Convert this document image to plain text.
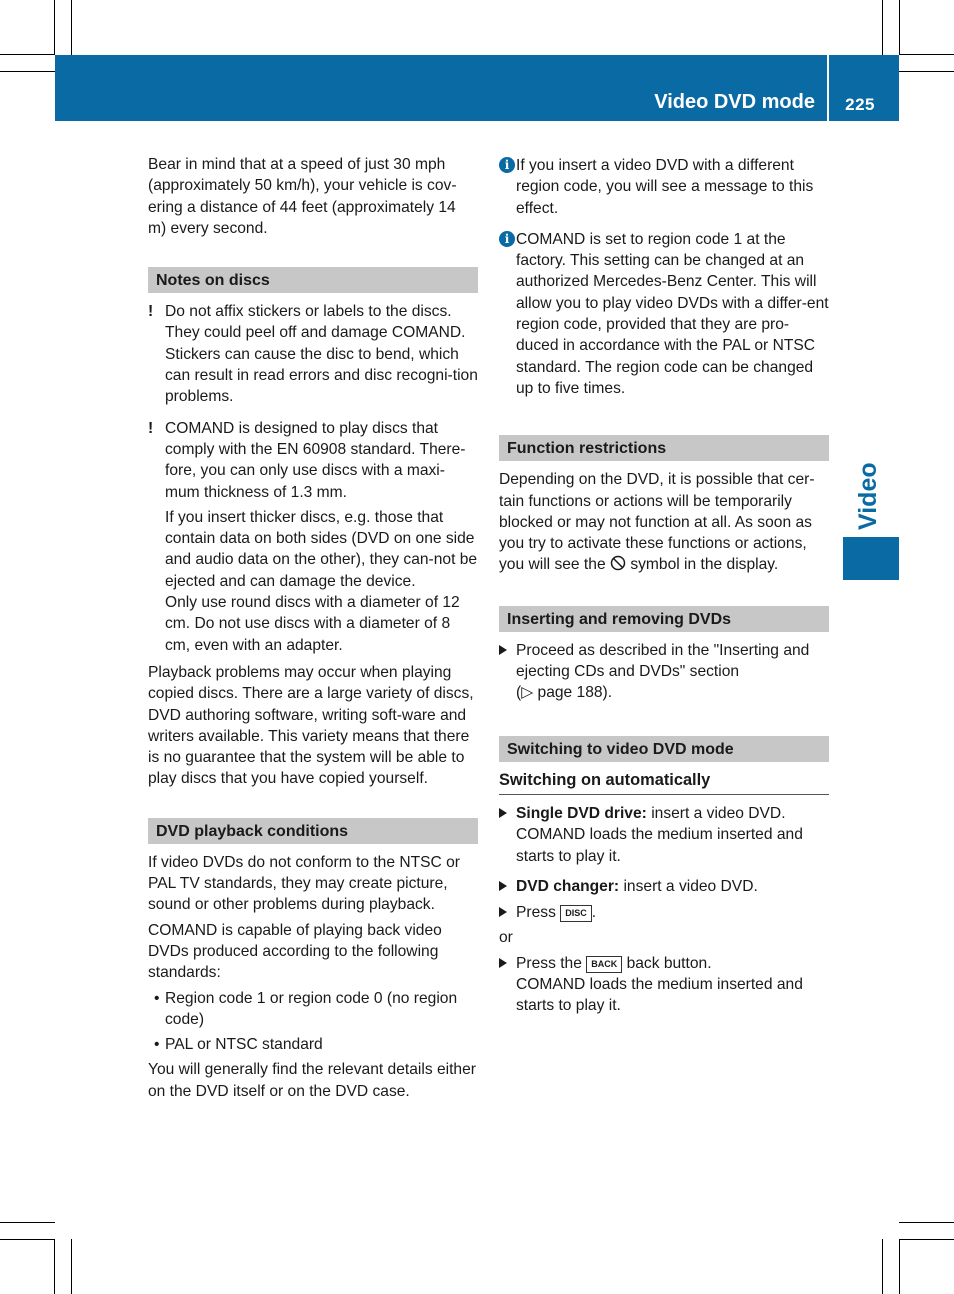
Video DVD mode 225
Video

Bear in mind that at a speed of just 30 mph (approximately 50 km/h), your vehicle is cov-ering a distance of 44 feet (approximately 14 m) every second.

Notes on discs
! Do not affix stickers or labels to the discs. They could peel off and damage COMAND. Stickers can cause the disc to bend, which can result in read errors and disc recogni-tion problems.
! COMAND is designed to play discs that comply with the EN 60908 standard. There-fore, you can only use discs with a maxi-mum thickness of 1.3 mm.

If you insert thicker discs, e.g. those that contain data on both sides (DVD on one side and audio data on the other), they can-not be ejected and can damage the device.

Only use round discs with a diameter of 12 cm. Do not use discs with a diameter of 8 cm, even with an adapter.

Playback problems may occur when playing copied discs. There are a large variety of discs, DVD authoring software, writing soft-ware and writers available. This variety means that there is no guarantee that the system will be able to play discs that you have copied yourself.

DVD playback conditions

If video DVDs do not conform to the NTSC or PAL TV standards, they may create picture, sound or other problems during playback.

COMAND is capable of playing back video DVDs produced according to the following standards:

• Region code 1 or region code 0 (no region code)
• PAL or NTSC standard

You will generally find the relevant details either on the DVD itself or on the DVD case.

i If you insert a video DVD with a different region code, you will see a message to this effect.
i COMAND is set to region code 1 at the factory. This setting can be changed at an authorized Mercedes-Benz Center. This will allow you to play video DVDs with a differ-ent region code, provided that they are pro-duced in accordance with the PAL or NTSC standard. The region code can be changed up to five times.
Function restrictions

Depending on the DVD, it is possible that cer-tain functions or actions will be temporarily blocked or may not function at all. As soon as you try to activate these functions or actions, you will see the symbol in the display.

Inserting and removing DVDs
Proceed as described in the "Inserting and ejecting CDs and DVDs" section
(▷ page 188).
Switching to video DVD mode
Switching on automatically
Single DVD drive: insert a video DVD.
COMAND loads the medium inserted and starts to play it.
DVD changer: insert a video DVD.
Press DISC .

or

Press the BACK back button.
COMAND loads the medium inserted and starts to play it.
